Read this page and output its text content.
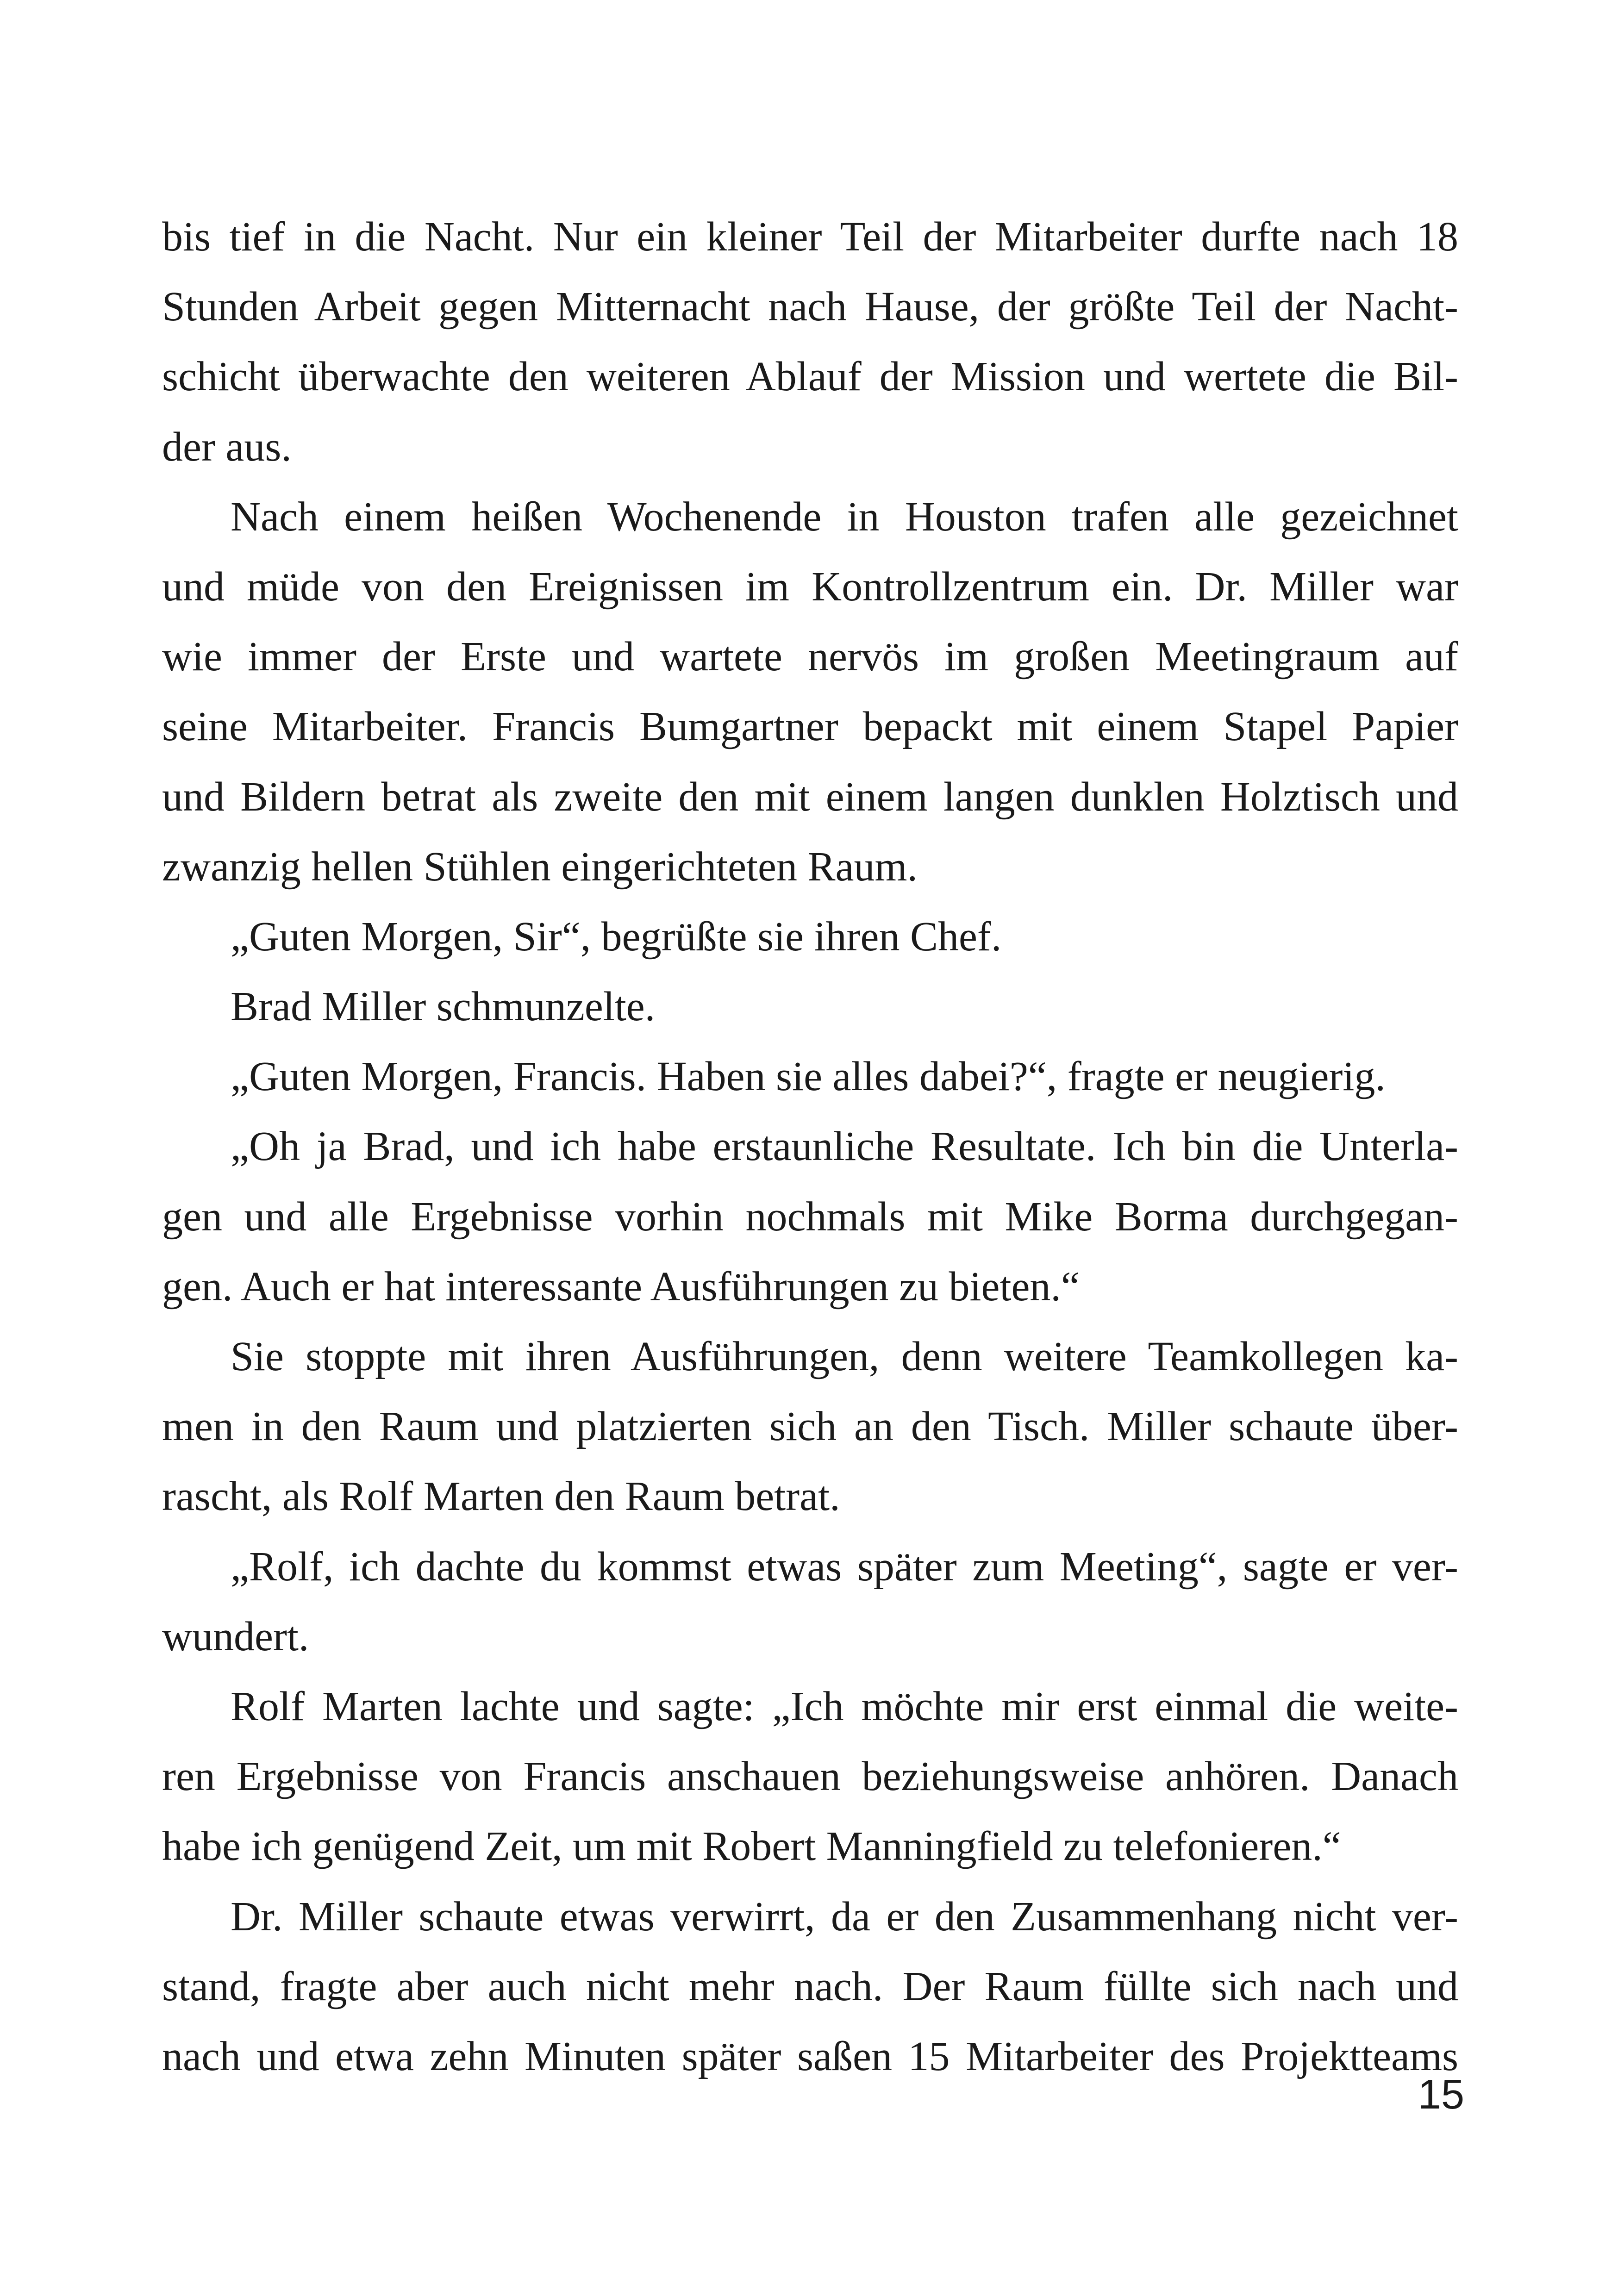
bis tief in die Nacht. Nur ein kleiner Teil der Mitarbeiter durfte nach 18
Stunden Arbeit gegen Mitternacht nach Hause, der größte Teil der Nacht-
schicht überwachte den weiteren Ablauf der Mission und wertete die Bil-
der aus.
Nach einem heißen Wochenende in Houston trafen alle gezeichnet
und müde von den Ereignissen im Kontrollzentrum ein. Dr. Miller war
wie immer der Erste und wartete nervös im großen Meetingraum auf
seine Mitarbeiter. Francis Bumgartner bepackt mit einem Stapel Papier
und Bildern betrat als zweite den mit einem langen dunklen Holztisch und
zwanzig hellen Stühlen eingerichteten Raum.
„Guten Morgen, Sir“, begrüßte sie ihren Chef.
Brad Miller schmunzelte.
„Guten Morgen, Francis. Haben sie alles dabei?“, fragte er neugierig.
„Oh ja Brad, und ich habe erstaunliche Resultate. Ich bin die Unterla-
gen und alle Ergebnisse vorhin nochmals mit Mike Borma durchgegan-
gen. Auch er hat interessante Ausführungen zu bieten.“
Sie stoppte mit ihren Ausführungen, denn weitere Teamkollegen ka-
men in den Raum und platzierten sich an den Tisch. Miller schaute über-
rascht, als Rolf Marten den Raum betrat.
„Rolf, ich dachte du kommst etwas später zum Meeting“, sagte er ver-
wundert.
Rolf Marten lachte und sagte: „Ich möchte mir erst einmal die weite-
ren Ergebnisse von Francis anschauen beziehungsweise anhören. Danach
habe ich genügend Zeit, um mit Robert Manningfield zu telefonieren.“
Dr. Miller schaute etwas verwirrt, da er den Zusammenhang nicht ver-
stand, fragte aber auch nicht mehr nach. Der Raum füllte sich nach und
nach und etwa zehn Minuten später saßen 15 Mitarbeiter des Projektteams
15
